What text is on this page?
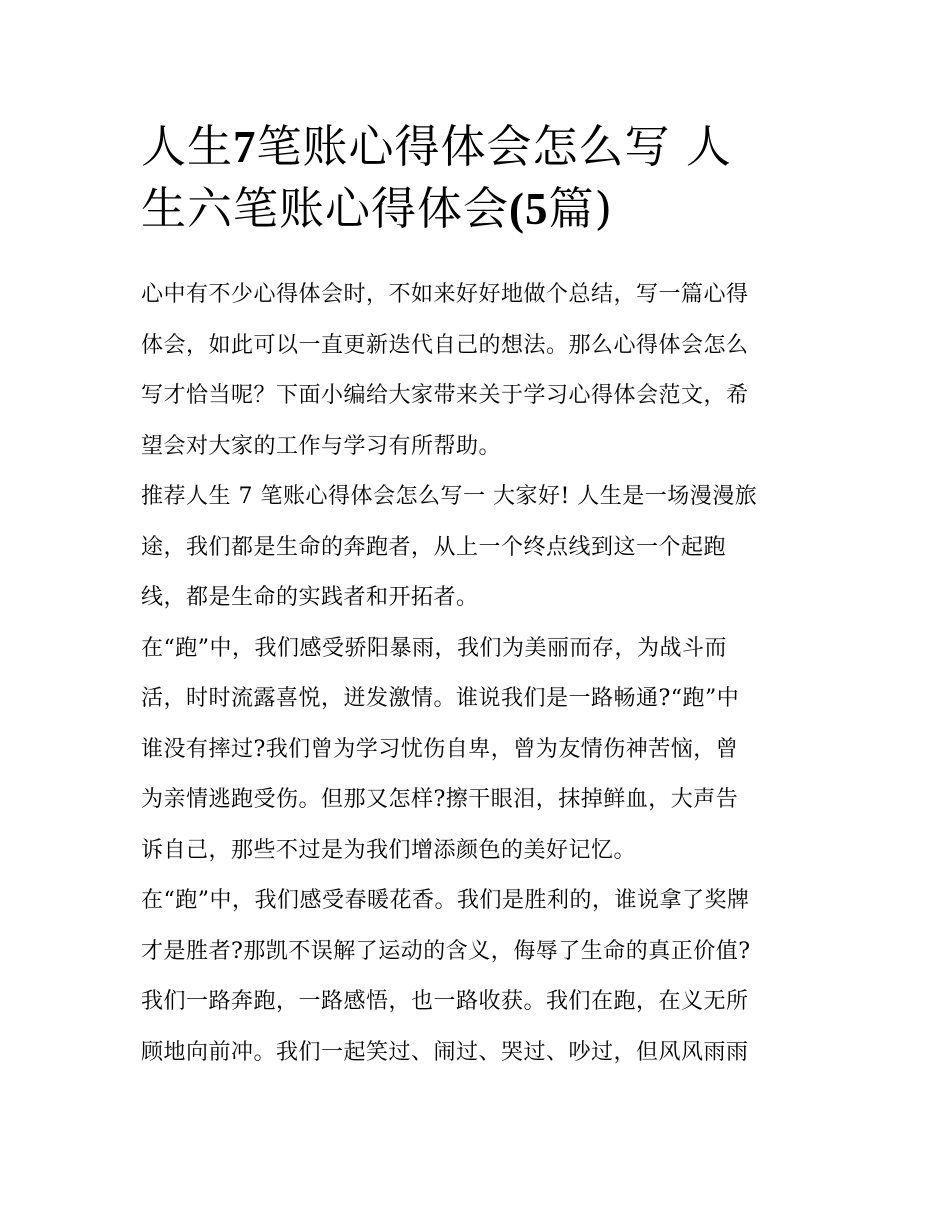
人生7笔账心得体会怎么写 人
生六笔账心得体会(5篇)

心中有不少心得体会时，不如来好好地做个总结，写一篇心得
体会，如此可以一直更新迭代自己的想法。那么心得体会怎么
写才恰当呢？下面小编给大家带来关于学习心得体会范文，希
望会对大家的工作与学习有所帮助。

推荐人生 7 笔账心得体会怎么写一 大家好! 人生是一场漫漫旅
途，我们都是生命的奔跑者，从上一个终点线到这一个起跑
线，都是生命的实践者和开拓者。

在“跑”中，我们感受骄阳暴雨，我们为美丽而存，为战斗而
活，时时流露喜悦，迸发激情。谁说我们是一路畅通?“跑”中
谁没有摔过?我们曾为学习忧伤自卑，曾为友情伤神苦恼，曾
为亲情逃跑受伤。但那又怎样?擦干眼泪，抹掉鲜血，大声告
诉自己，那些不过是为我们增添颜色的美好记忆。

在“跑”中，我们感受春暖花香。我们是胜利的，谁说拿了奖牌
才是胜者?那凯不误解了运动的含义，侮辱了生命的真正价值?
我们一路奔跑，一路感悟，也一路收获。我们在跑，在义无所
顾地向前冲。我们一起笑过、闹过、哭过、吵过，但风风雨雨
